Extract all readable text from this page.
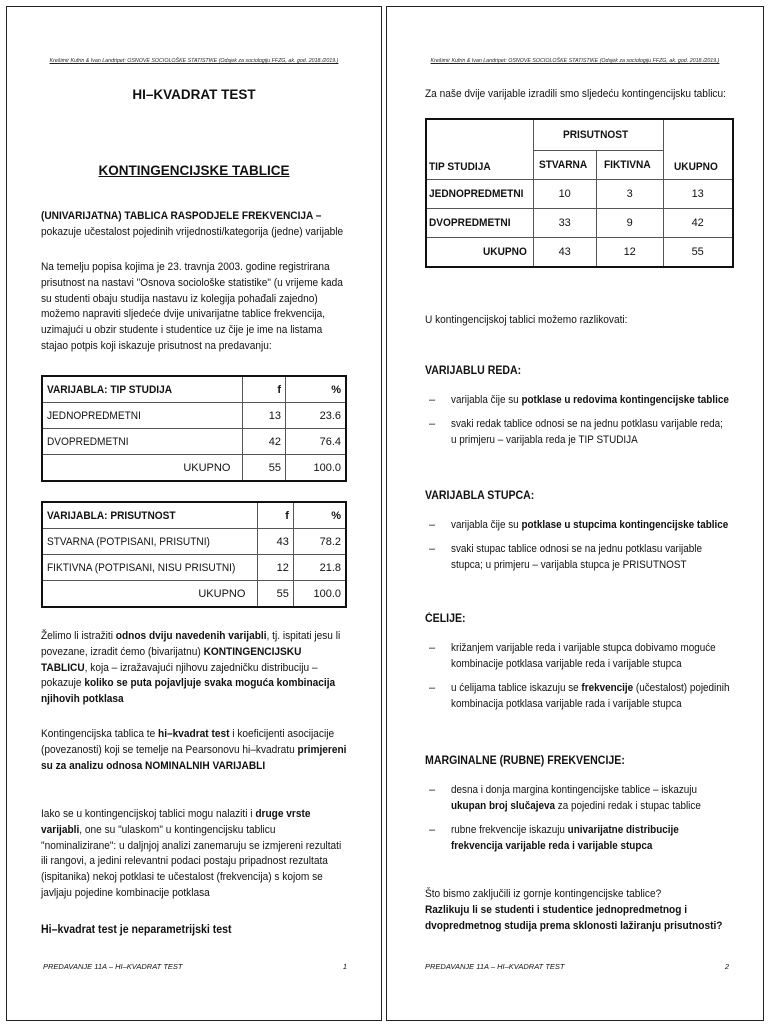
Krešimir Kufrin & Ivan Landripet: OSNOVE SOCIOLOŠKE STATISTIKE (Odsjek za sociologiju FFZG, ak. god. 2018./2019.)
HI–KVADRAT TEST
KONTINGENCIJSKE TABLICE
(UNIVARIJATNA) TABLICA RASPODJELE FREKVENCIJA – pokazuje učestalost pojedinih vrijednosti/kategorija (jedne) varijable
Na temelju popisa kojima je 23. travnja 2003. godine registrirana prisutnost na nastavi "Osnova sociološke statistike" (u vrijeme kada su studenti obaju studija nastavu iz kolegija pohađali zajedno) možemo napraviti sljedeće dvije univarijatne tablice frekvencija, uzimajući u obzir studente i studentice uz čije je ime na listama stajao potpis koji iskazuje prisutnost na predavanju:
VARIJABLA: TIP STUDIJA	f	%
JEDNOPREDMETNI	13	23.6
DVOPREDMETNI	42	76.4
UKUPNO	55	100.0
VARIJABLA: PRISUTNOST	f	%
STVARNA (POTPISANI, PRISUTNI)	43	78.2
FIKTIVNA (POTPISANI, NISU PRISUTNI)	12	21.8
UKUPNO	55	100.0
Želimo li istražiti odnos dviju navedenih varijabli, tj. ispitati jesu li povezane, izradit ćemo (bivarijatnu) KONTINGENCIJSKU TABLICU, koja – izražavajući njihovu zajedničku distribuciju – pokazuje koliko se puta pojavljuje svaka moguća kombinacija njihovih potklasa
Kontingencijska tablica te hi–kvadrat test i koeficijenti asocijacije (povezanosti) koji se temelje na Pearsonovu hi–kvadratu primjereni su za analizu odnosa NOMINALNIH VARIJABLI
Iako se u kontingencijskoj tablici mogu nalaziti i druge vrste varijabli, one su "ulaskom" u kontingencijsku tablicu "nominalizirane": u daljnjoj analizi zanemaruju se izmjereni rezultati ili rangovi, a jedini relevantni podaci postaju pripadnost rezultata (ispitanika) nekoj potklasi te učestalost (frekvencija) s kojom se javljaju pojedine kombinacije potklasa
Hi–kvadrat test je neparametrijski test
PREDAVANJE 11A – HI–KVADRAT TEST	1
Krešimir Kufrin & Ivan Landripet: OSNOVE SOCIOLOŠKE STATISTIKE (Odsjek za sociologiju FFZG, ak. god. 2018./2019.)
Za naše dvije varijable izradili smo sljedeću kontingencijsku tablicu:
TIP STUDIJA	PRISUTNOST		UKUPNO
	STVARNA	FIKTIVNA	
JEDNOPREDMETNI	10	3	13
DVOPREDMETNI	33	9	42
UKUPNO	43	12	55
U kontingencijskoj tablici možemo razlikovati:
VARIJABLU REDA:
– varijabla čije su potklase u redovima kontingencijske tablice
– svaki redak tablice odnosi se na jednu potklasu varijable reda; u primjeru – varijabla reda je TIP STUDIJA
VARIJABLA STUPCA:
– varijabla čije su potklase u stupcima kontingencijske tablice
– svaki stupac tablice odnosi se na jednu potklasu varijable stupca; u primjeru – varijabla stupca je PRISUTNOST
ĆELIJE:
– križanjem varijable reda i varijable stupca dobivamo moguće kombinacije potklasa varijable reda i varijable stupca
– u ćelijama tablice iskazuju se frekvencije (učestalost) pojedinih kombinacija potklasa varijable rada i varijable stupca
MARGINALNE (RUBNE) FREKVENCIJE:
– desna i donja margina kontingencijske tablice – iskazuju ukupan broj slučajeva za pojedini redak i stupac tablice
– rubne frekvencije iskazuju univarijatne distribucije frekvencija varijable reda i varijable stupca
Što bismo zaključili iz gornje kontingencijske tablice?
Razlikuju li se studenti i studentice jednopredmetnog i dvopredmetnog studija prema sklonosti laž​iranju prisutnosti?
PREDAVANJE 11A – HI–KVADRAT TEST	2
